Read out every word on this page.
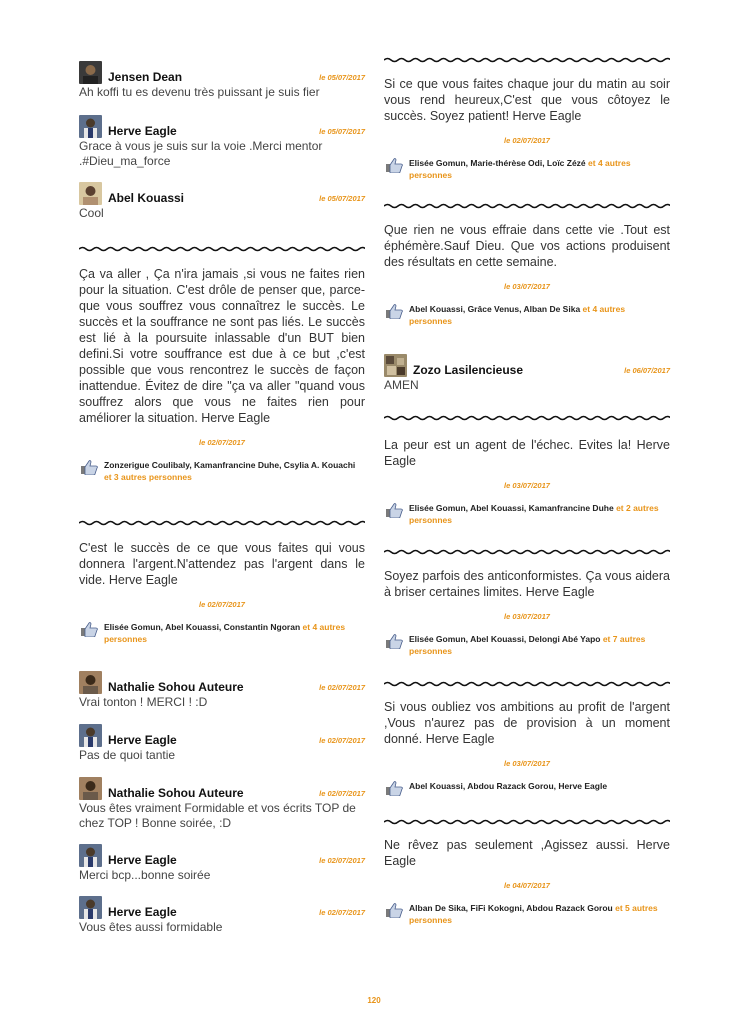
Jensen Dean	le 05/07/2017
Ah koffi tu es devenu très puissant je suis fier
Herve Eagle	le 05/07/2017
Grace à vous je suis sur la voie .Merci mentor .#Dieu_ma_force
Abel Kouassi	le 05/07/2017
Cool
Ça va aller , Ça n'ira jamais ,si vous ne faites rien pour la situation. C'est drôle de penser que, parce-que vous souffrez vous connaîtrez le succès. Le succès et la souffrance ne sont pas liés. Le succès est lié à la poursuite inlassable d'un BUT bien defini.Si votre souffrance est due à ce but ,c'est possible que vous rencontrez le succès de façon inattendue. Évitez de dire "ça va aller "quand vous souffrez alors que vous ne faites rien pour améliorer la situation. Herve Eagle
le 02/07/2017
Zonzerigue Coulibaly, Kamanfrancine Duhe, Csylia A. Kouachi et 3 autres personnes
C'est le succès de ce que vous faites qui vous donnera l'argent.N'attendez pas l'argent dans le vide. Herve Eagle
le 02/07/2017
Elisée Gomun, Abel Kouassi, Constantin Ngoran et 4 autres personnes
Nathalie Sohou Auteure	le 02/07/2017
Vrai tonton ! MERCI ! :D
Herve Eagle	le 02/07/2017
Pas de quoi tantie
Nathalie Sohou Auteure	le 02/07/2017
Vous êtes vraiment Formidable et vos écrits TOP de chez TOP ! Bonne soirée, :D
Herve Eagle	le 02/07/2017
Merci bcp...bonne soirée
Herve Eagle	le 02/07/2017
Vous êtes aussi formidable
Si ce que vous faites chaque jour du matin au soir vous rend heureux,C'est que vous côtoyez le succès. Soyez patient! Herve Eagle
le 02/07/2017
Elisée Gomun, Marie-thérèse Odi, Loïc Zézé et 4 autres personnes
Que rien ne vous effraie dans cette vie .Tout est éphémère.Sauf Dieu. Que vos actions produisent des résultats en cette semaine.
le 03/07/2017
Abel Kouassi, Grâce Venus, Alban De Sika et 4 autres personnes
Zozo Lasilencieuse	le 06/07/2017
AMEN
La peur est un agent de l'échec. Evites la! Herve Eagle
le 03/07/2017
Elisée Gomun, Abel Kouassi, Kamanfrancine Duhe et 2 autres personnes
Soyez parfois des anticonformistes. Ça vous aidera à briser certaines limites. Herve Eagle
le 03/07/2017
Elisée Gomun, Abel Kouassi, Delongi Abé Yapo et 7 autres personnes
Si vous oubliez vos ambitions au profit de l'argent ,Vous n'aurez pas de provision à un moment donné. Herve Eagle
le 03/07/2017
Abel Kouassi, Abdou Razack Gorou, Herve Eagle
Ne rêvez pas seulement ,Agissez aussi. Herve Eagle
le 04/07/2017
Alban De Sika, FiFi Kokogni, Abdou Razack Gorou et 5 autres personnes
120
